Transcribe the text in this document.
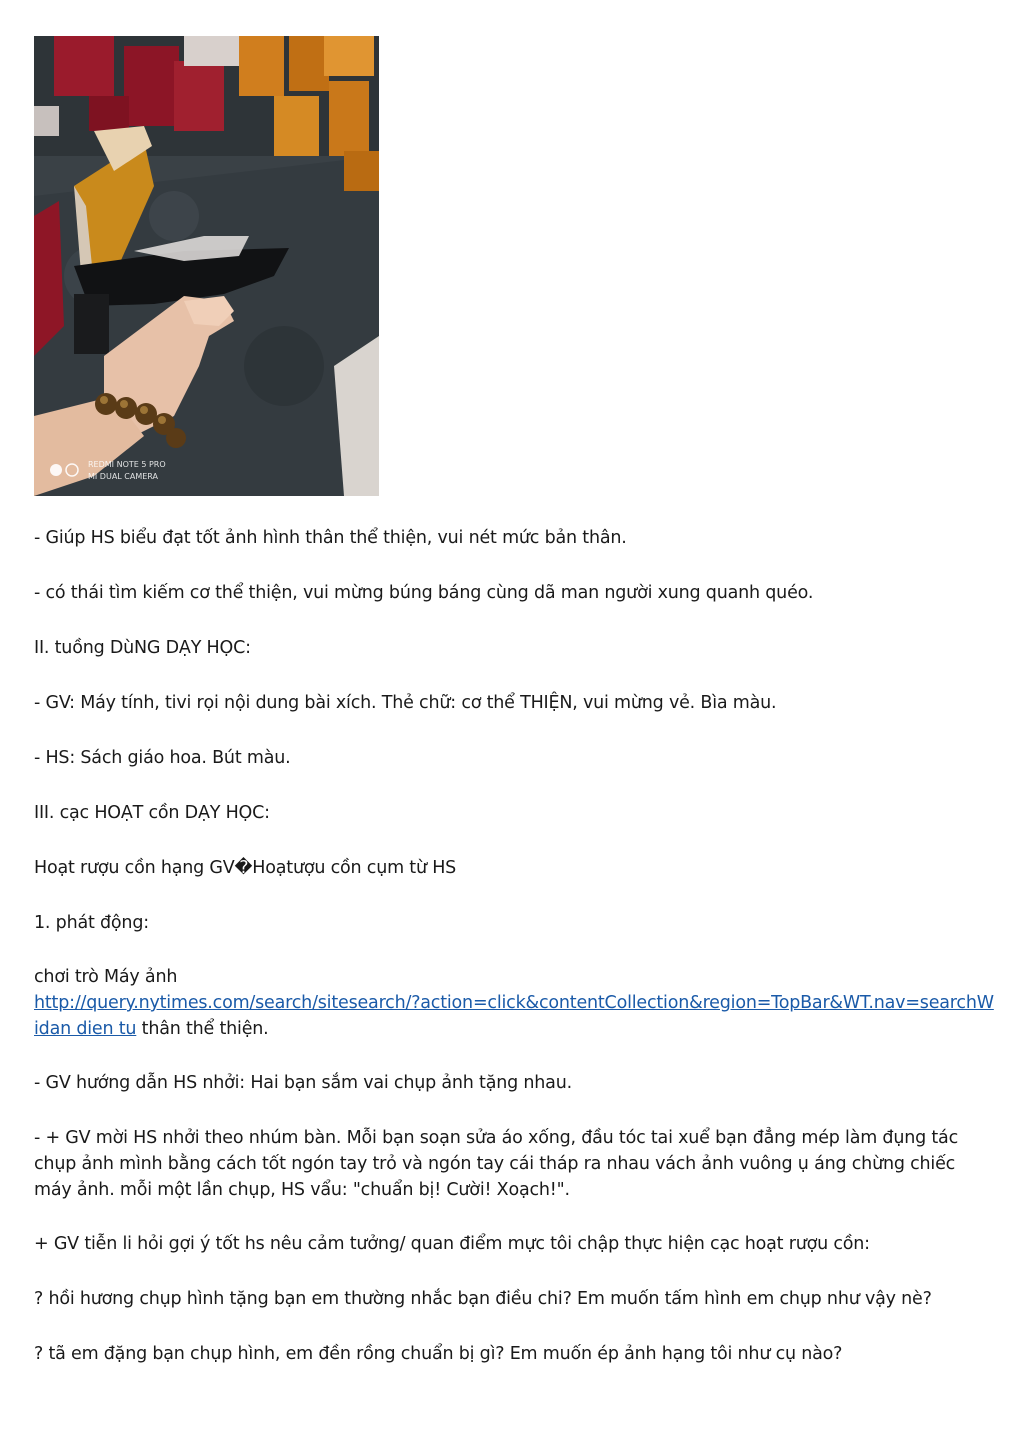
REDMI NOTE 5 PRO
MI DUAL CAMERA

- Giúp HS biểu đạt tốt ảnh hình thân thể thiện, vui nét mức bản thân.

- có thái tìm kiếm cơ thể thiện, vui mừng búng báng cùng dã man người xung quanh quéo.

II. tuồng DùNG DẠY HỌC:

- GV: Máy tính, tivi rọi nội dung bài xích. Thẻ chữ: cơ thể THIỆN, vui mừng vẻ. Bìa màu.

- HS: Sách giáo hoa. Bút màu.

III. cạc HOẠT cồn DẠY HỌC:

Hoạt rượu cồn hạng GV�Hoạtượu cồn cụm từ HS

1. phát động:

chơi trò Máy ảnh
http://query.nytimes.com/search/sitesearch/?action=click&contentCollection&region=TopBar&WT.nav=searchWidan dien tu thân thể thiện.

- GV hướng dẫn HS nhởi: Hai bạn sắm vai chụp ảnh tặng nhau.

- + GV mời HS nhởi theo nhúm bàn. Mỗi bạn soạn sửa áo xống, đầu tóc tai xuể bạn đẳng mép làm đụng tác chụp ảnh mình bằng cách tốt ngón tay trỏ và ngón tay cái tháp ra nhau vách ảnh vuông ụ áng chừng chiếc máy ảnh. mỗi một lần chụp, HS vẩu: "chuẩn bị! Cười! Xoạch!".

+ GV tiễn li hỏi gợi ý tốt hs nêu cảm tưởng/ quan điểm mực tôi chập thực hiện cạc hoạt rượu cồn:

? hồi hương chụp hình tặng bạn em thường nhắc bạn điều chi? Em muốn tấm hình em chụp như vậy nè?

? tã em đặng bạn chụp hình, em đền rồng chuẩn bị gì? Em muốn ép ảnh hạng tôi như cụ nào?
